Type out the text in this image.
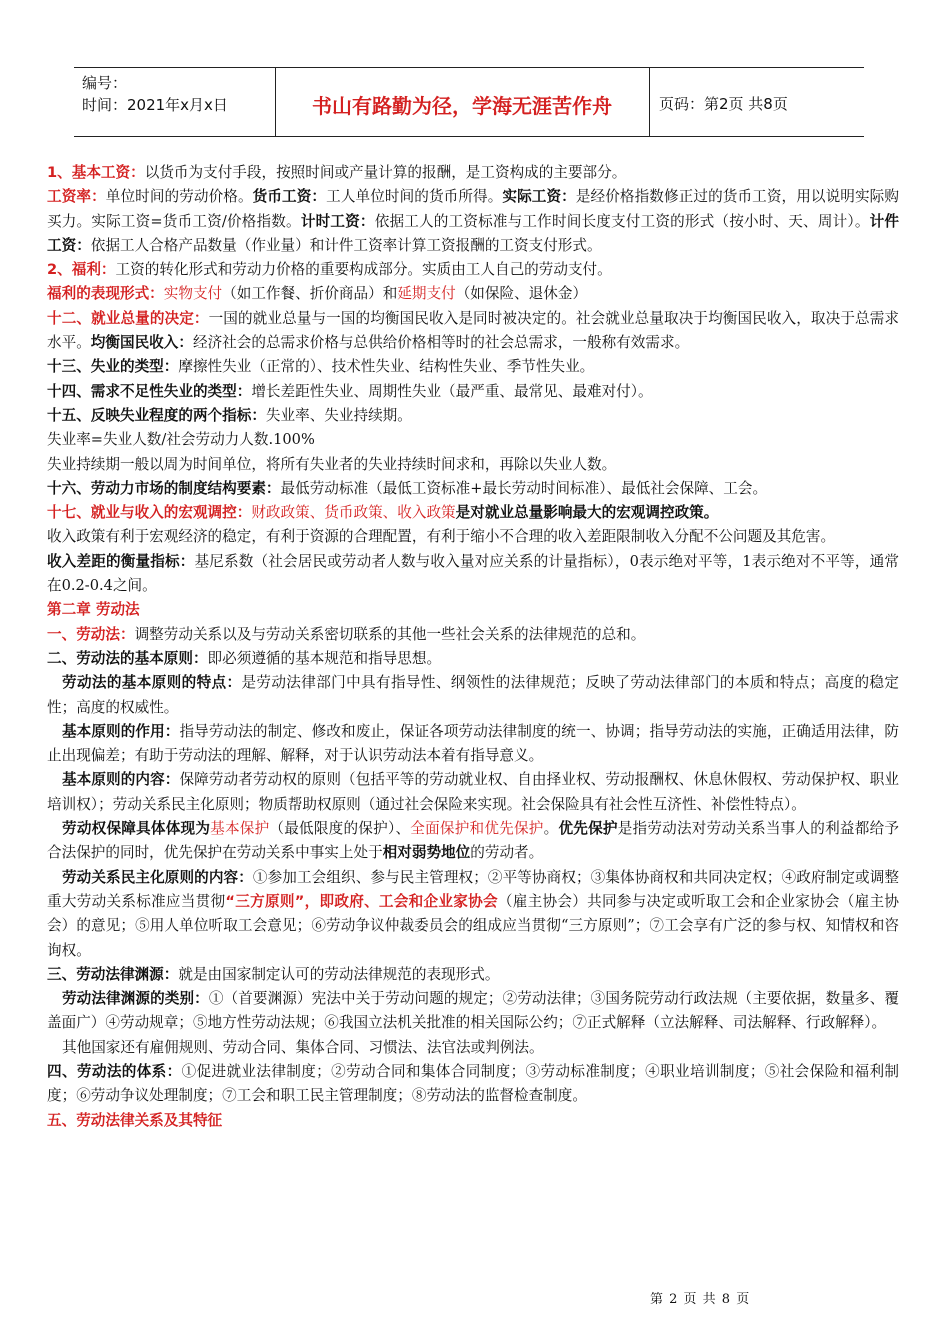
编号：
时间：2021年x月x日	书山有路勤为径，学海无涯苦作舟	页码：第2页 共8页

1、基本工资：以货币为支付手段，按照时间或产量计算的报酬，是工资构成的主要部分。

工资率：单位时间的劳动价格。货币工资：工人单位时间的货币所得。实际工资：是经价格指数修正过的货币工资，用以说明实际购买力。实际工资=货币工资/价格指数。计时工资：依据工人的工资标准与工作时间长度支付工资的形式（按小时、天、周计）。计件工资：依据工人合格产品数量（作业量）和计件工资率计算工资报酬的工资支付形式。

2、福利：工资的转化形式和劳动力价格的重要构成部分。实质由工人自己的劳动支付。

福利的表现形式：实物支付（如工作餐、折价商品）和延期支付（如保险、退休金）

十二、就业总量的决定：一国的就业总量与一国的均衡国民收入是同时被决定的。社会就业总量取决于均衡国民收入，取决于总需求水平。均衡国民收入：经济社会的总需求价格与总供给价格相等时的社会总需求，一般称有效需求。

十三、失业的类型：摩擦性失业（正常的）、技术性失业、结构性失业、季节性失业。

十四、需求不足性失业的类型：增长差距性失业、周期性失业（最严重、最常见、最难对付）。

十五、反映失业程度的两个指标：失业率、失业持续期。

失业率=失业人数/社会劳动力人数.100%

失业持续期一般以周为时间单位，将所有失业者的失业持续时间求和，再除以失业人数。

十六、劳动力市场的制度结构要素：最低劳动标准（最低工资标准+最长劳动时间标准）、最低社会保障、工会。

十七、就业与收入的宏观调控：财政政策、货币政策、收入政策是对就业总量影响最大的宏观调控政策。

收入政策有利于宏观经济的稳定，有利于资源的合理配置，有利于缩小不合理的收入差距限制收入分配不公问题及其危害。

收入差距的衡量指标：基尼系数（社会居民或劳动者人数与收入量对应关系的计量指标），0表示绝对平等，1表示绝对不平等，通常在0.2-0.4之间。

第二章 劳动法

一、劳动法：调整劳动关系以及与劳动关系密切联系的其他一些社会关系的法律规范的总和。

二、劳动法的基本原则：即必须遵循的基本规范和指导思想。

劳动法的基本原则的特点：是劳动法律部门中具有指导性、纲领性的法律规范；反映了劳动法律部门的本质和特点；高度的稳定性；高度的权威性。

基本原则的作用：指导劳动法的制定、修改和废止，保证各项劳动法律制度的统一、协调；指导劳动法的实施，正确适用法律，防止出现偏差；有助于劳动法的理解、解释，对于认识劳动法本着有指导意义。

基本原则的内容：保障劳动者劳动权的原则（包括平等的劳动就业权、自由择业权、劳动报酬权、休息休假权、劳动保护权、职业培训权）；劳动关系民主化原则；物质帮助权原则（通过社会保险来实现。社会保险具有社会性互济性、补偿性特点）。

劳动权保障具体体现为基本保护（最低限度的保护）、全面保护和优先保护。优先保护是指劳动法对劳动关系当事人的利益都给予合法保护的同时，优先保护在劳动关系中事实上处于相对弱势地位的劳动者。

劳动关系民主化原则的内容：①参加工会组织、参与民主管理权；②平等协商权；③集体协商权和共同决定权；④政府制定或调整重大劳动关系标准应当贯彻“三方原则”，即政府、工会和企业家协会（雇主协会）共同参与决定或听取工会和企业家协会（雇主协会）的意见；⑤用人单位听取工会意见；⑥劳动争议仲裁委员会的组成应当贯彻“三方原则”；⑦工会享有广泛的参与权、知情权和咨询权。

三、劳动法律渊源：就是由国家制定认可的劳动法律规范的表现形式。

劳动法律渊源的类别：①（首要渊源）宪法中关于劳动问题的规定；②劳动法律；③国务院劳动行政法规（主要依据，数量多、覆盖面广）④劳动规章；⑤地方性劳动法规；⑥我国立法机关批准的相关国际公约；⑦正式解释（立法解释、司法解释、行政解释）。

其他国家还有雇佣规则、劳动合同、集体合同、习惯法、法官法或判例法。

四、劳动法的体系：①促进就业法律制度；②劳动合同和集体合同制度；③劳动标准制度；④职业培训制度；⑤社会保险和福利制度；⑥劳动争议处理制度；⑦工会和职工民主管理制度；⑧劳动法的监督检查制度。

五、劳动法律关系及其特征

第 2 页 共 8 页
